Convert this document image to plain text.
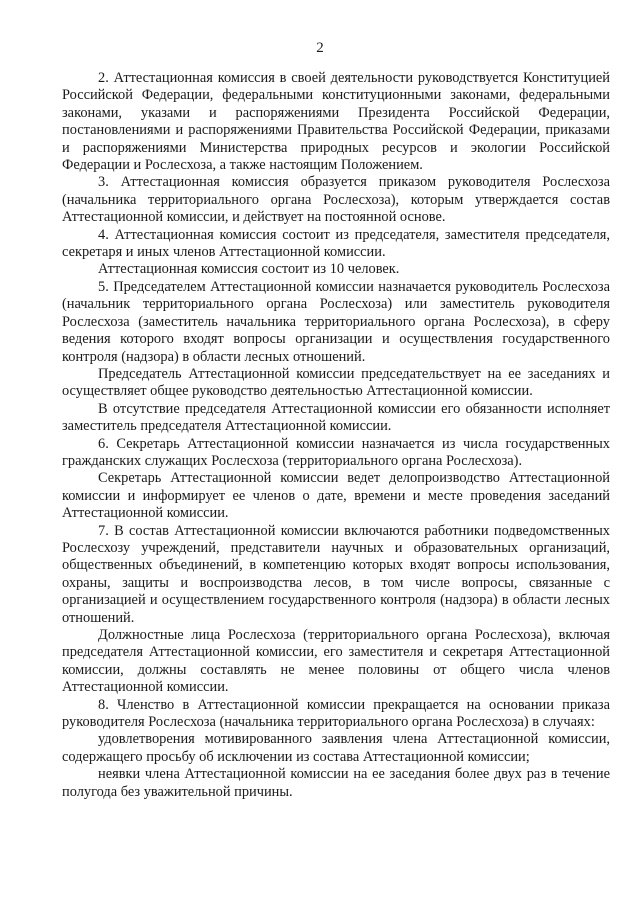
2

2. Аттестационная комиссия в своей деятельности руководствуется Конституцией Российской Федерации, федеральными конституционными законами, федеральными законами, указами и распоряжениями Президента Российской Федерации, постановлениями и распоряжениями Правительства Российской Федерации, приказами и распоряжениями Министерства природных ресурсов и экологии Российской Федерации и Рослесхоза, а также настоящим Положением.

3. Аттестационная комиссия образуется приказом руководителя Рослесхоза (начальника территориального органа Рослесхоза), которым утверждается состав Аттестационной комиссии, и действует на постоянной основе.

4. Аттестационная комиссия состоит из председателя, заместителя председателя, секретаря и иных членов Аттестационной комиссии.

Аттестационная комиссия состоит из 10 человек.

5. Председателем Аттестационной комиссии назначается руководитель Рослесхоза (начальник территориального органа Рослесхоза) или заместитель руководителя Рослесхоза (заместитель начальника территориального органа Рослесхоза), в сферу ведения которого входят вопросы организации и осуществления государственного контроля (надзора) в области лесных отношений.

Председатель Аттестационной комиссии председательствует на ее заседаниях и осуществляет общее руководство деятельностью Аттестационной комиссии.

В отсутствие председателя Аттестационной комиссии его обязанности исполняет заместитель председателя Аттестационной комиссии.

6. Секретарь Аттестационной комиссии назначается из числа государственных гражданских служащих Рослесхоза (территориального органа Рослесхоза).

Секретарь Аттестационной комиссии ведет делопроизводство Аттестационной комиссии и информирует ее членов о дате, времени и месте проведения заседаний Аттестационной комиссии.

7. В состав Аттестационной комиссии включаются работники подведомственных Рослесхозу учреждений, представители научных и образовательных организаций, общественных объединений, в компетенцию которых входят вопросы использования, охраны, защиты и воспроизводства лесов, в том числе вопросы, связанные с организацией и осуществлением государственного контроля (надзора) в области лесных отношений.

Должностные лица Рослесхоза (территориального органа Рослесхоза), включая председателя Аттестационной комиссии, его заместителя и секретаря Аттестационной комиссии, должны составлять не менее половины от общего числа членов Аттестационной комиссии.

8. Членство в Аттестационной комиссии прекращается на основании приказа руководителя Рослесхоза (начальника территориального органа Рослесхоза) в случаях:

удовлетворения мотивированного заявления члена Аттестационной комиссии, содержащего просьбу об исключении из состава Аттестационной комиссии;

неявки члена Аттестационной комиссии на ее заседания более двух раз в течение полугода без уважительной причины.
